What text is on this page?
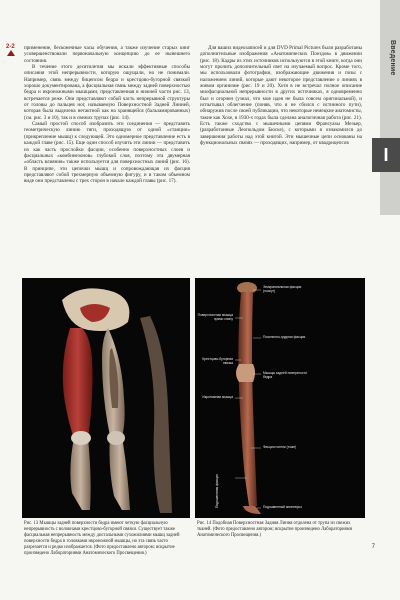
2-2	Введение
I

применение, бесконечные часы обучения, а также изучение старых книг усовершенствовали первоначальную концепцию до ее нынешнего состояния.

В течение этого десятилетия мы искали эффективные способы описания этой непрерывности, которую ощущали, но не понимали. Например, связь между бицепсом бедра и крестцово-бугорной связкой хорошо документирована, а фасциальная связь между задней поверхностью бедра и икроножными мышцами, представленная в нижней части рис. 13, встречается реже. Они представляют собой часть непрерывной структуры от головы до пальцев ног, называемую Поверхностной Задней Линией, которая была выделена нетактной как на хранящейся (бальзамированных) (см. рис. 3 и 10), так и в свежих трупах (рис. 14).

Самый простой способ изобразить эти соединения — представить геометрическую линию тяги, проходящую от одной «станции» (прикрепление мышц) к следующей. Это одномерное представление есть в каждой главе (рис. 15). Еще один способ изучить эти линии — представить их как часть прослойки фасции, особенно поверхностных слоев и фасциальных «комбинезонов» глубокой слоя, поэтому эта двумерная «область влияния» также используется для поверхностных линий (рис. 16). В принципе, эти цепочки мышц и сопровождающая их фасция представляют собой трехмерную объемную фигуру, и в таком объемном виде они представлены с трех сторон в начале каждой главы (рис. 17).

Для ваших видеозаписей и для DVD Primal Pictures были разработаны дополнительные изображения «Анатомических Поездов» в движении (рис. 18). Кадры из этих источников используются в этой книге, когда они могут пролить дополнительный свет на изучаемый вопрос. Кроме того, мы использовали фотографии, изображающие движения и позы с наложением линий, которые дают некоторое представление о линиях в живом организме (рис. 19 и 20). Хотя в не встречал полное описание миофасциальной непрерывности в других источниках, я одновременно был и огорчен (узнал, что моя идея не была совсем оригинальной), и испытывал облегчение (поняв, что я не сбился с истинного пути), обнаружив после своей публикации, что некоторые немецкие анатомисты, такие как Хохе, в 1930-х годах была сделана аналогичная работа (рис. 21). Есть также сходство с мышечными цепями Франсуазы Мезьер, (разработанные Леопольдом Бюске), с которыми я ознакомился до завершения работы над этой книгой. Эти мышечные цепи основаны на функциональных связях — проходящих, например, от квадрицепсов

Эпикраниальная фасция (лоскут)
Поверхностная мышца прямо спину
Пояснично-грудная фасция
Крестцово-бугорная связка
Мышцы задней поверхности бедра
Икроножная мышца
Фасция голени (тоже)
Подошвенная фасция	Подошвенный апоневроз
Рис. 13 Мышцы задней поверхности бедра имеют четкую фасциальную непрерывность с волокнами крестцово-бугорной связки. Существует также фасциальная непрерывность между дистальными сухожилиями мышц задней поверхности бедра и головками икроножной мышцы, но эта связь часто разрезается и редко изображается. (Фото предоставлено автором; вскрытие произведено Лабораториями Анатомического Просвещения.)
Рис. 14 Подобная Поверхностная Задняя Линия отделена от трупа из свежих тканей. (Фото предоставлено автором; вскрытие произведено Лабораториями Анатомического Просвещения.)
7
